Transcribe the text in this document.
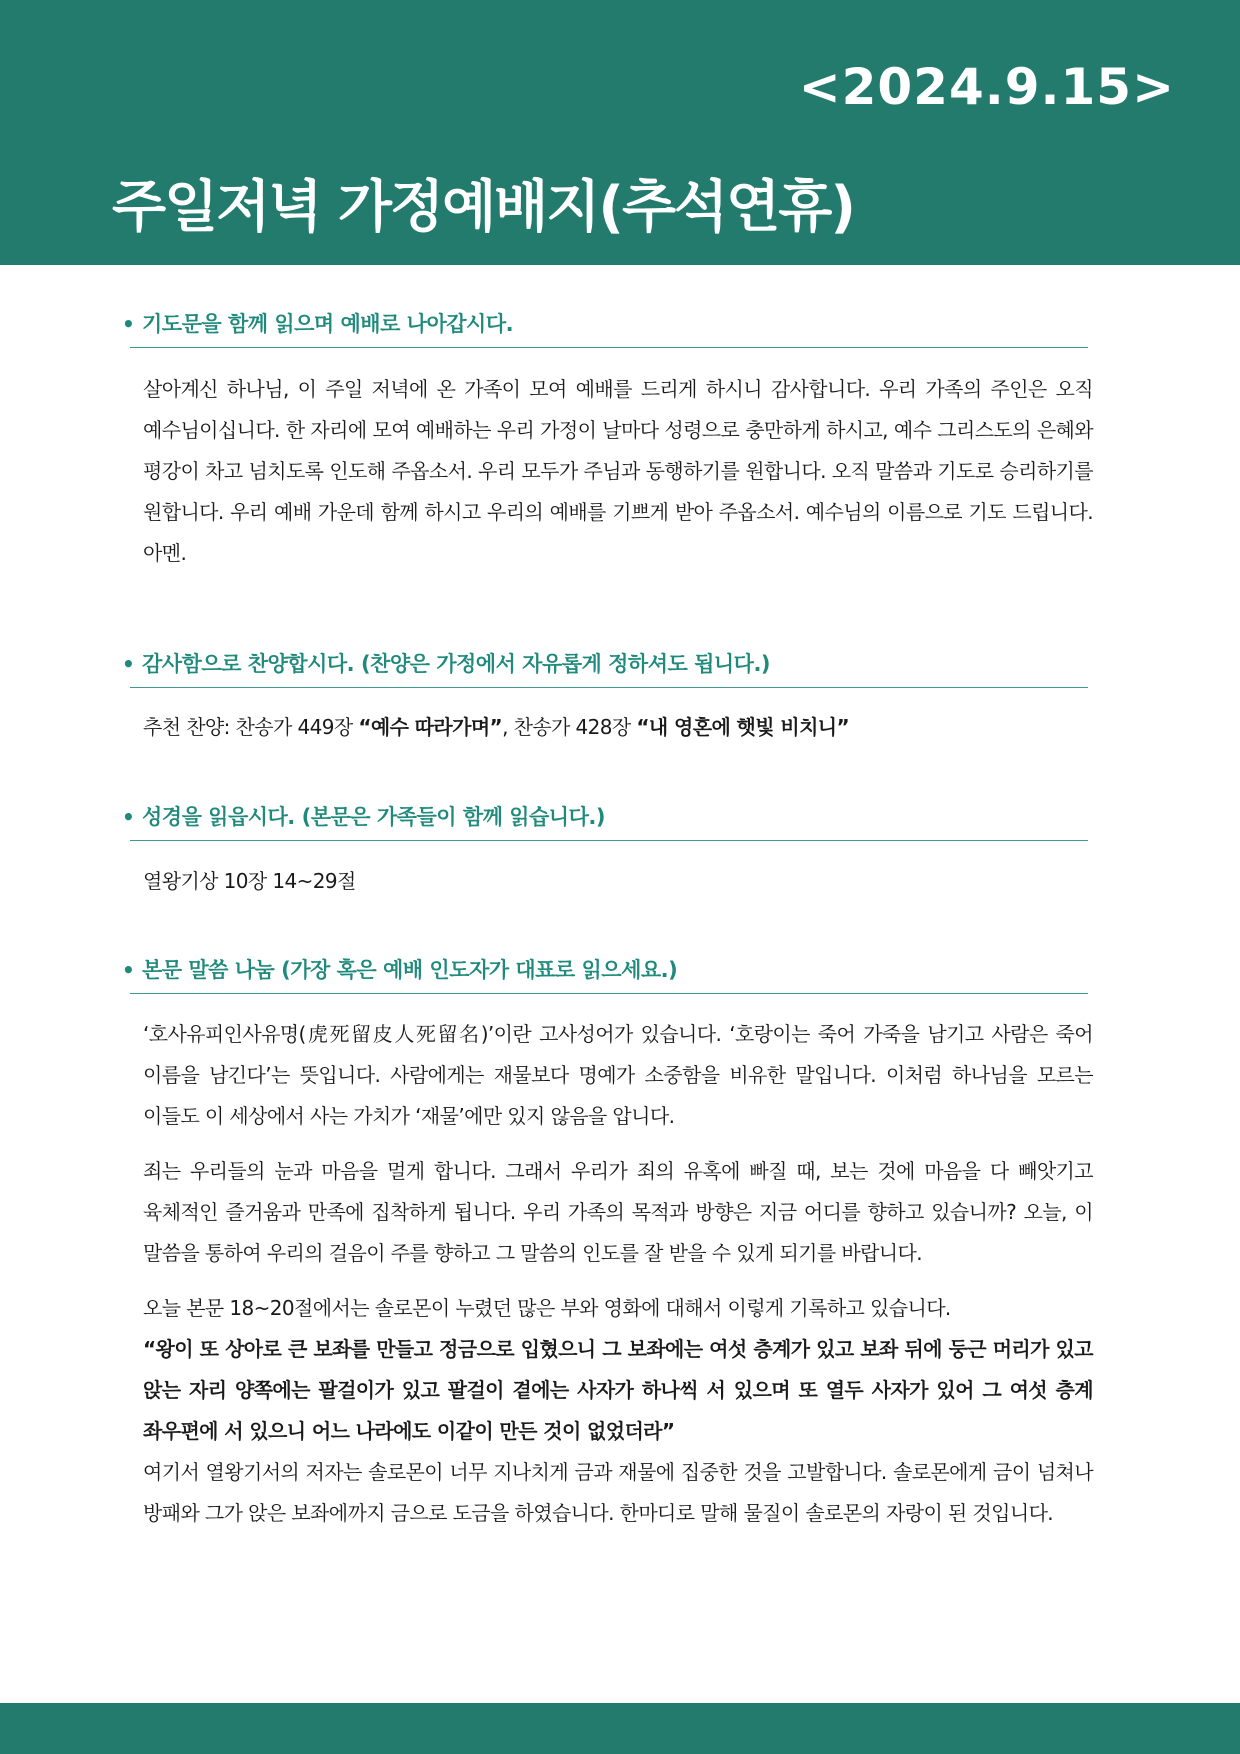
<2024.9.15>
주일저녁 가정예배지(추석연휴)
• 기도문을 함께 읽으며 예배로 나아갑시다.

살아계신 하나님, 이 주일 저녁에 온 가족이 모여 예배를 드리게 하시니 감사합니다. 우리 가족의 주인은 오직 예수님이십니다. 한 자리에 모여 예배하는 우리 가정이 날마다 성령으로 충만하게 하시고, 예수 그리스도의 은혜와 평강이 차고 넘치도록 인도해 주옵소서. 우리 모두가 주님과 동행하기를 원합니다. 오직 말씀과 기도로 승리하기를 원합니다. 우리 예배 가운데 함께 하시고 우리의 예배를 기쁘게 받아 주옵소서. 예수님의 이름으로 기도 드립니다. 아멘.

• 감사함으로 찬양합시다. (찬양은 가정에서 자유롭게 정하셔도 됩니다.)

추천 찬양: 찬송가 449장 “예수 따라가며”, 찬송가 428장 “내 영혼에 햇빛 비치니”

• 성경을 읽읍시다. (본문은 가족들이 함께 읽습니다.)

열왕기상 10장 14~29절

• 본문 말씀 나눔 (가장 혹은 예배 인도자가 대표로 읽으세요.)

‘호사유피인사유명(虎死留皮人死留名)’이란 고사성어가 있습니다. ‘호랑이는 죽어 가죽을 남기고 사람은 죽어 이름을 남긴다’는 뜻입니다. 사람에게는 재물보다 명예가 소중함을 비유한 말입니다. 이처럼 하나님을 모르는 이들도 이 세상에서 사는 가치가 ‘재물’에만 있지 않음을 압니다.

죄는 우리들의 눈과 마음을 멀게 합니다. 그래서 우리가 죄의 유혹에 빠질 때, 보는 것에 마음을 다 빼앗기고 육체적인 즐거움과 만족에 집착하게 됩니다. 우리 가족의 목적과 방향은 지금 어디를 향하고 있습니까? 오늘, 이 말씀을 통하여 우리의 걸음이 주를 향하고 그 말씀의 인도를 잘 받을 수 있게 되기를 바랍니다.

오늘 본문 18~20절에서는 솔로몬이 누렸던 많은 부와 영화에 대해서 이렇게 기록하고 있습니다.

“왕이 또 상아로 큰 보좌를 만들고 정금으로 입혔으니 그 보좌에는 여섯 층계가 있고 보좌 뒤에 둥근 머리가 있고 앉는 자리 양쪽에는 팔걸이가 있고 팔걸이 곁에는 사자가 하나씩 서 있으며 또 열두 사자가 있어 그 여섯 층계 좌우편에 서 있으니 어느 나라에도 이같이 만든 것이 없었더라”

여기서 열왕기서의 저자는 솔로몬이 너무 지나치게 금과 재물에 집중한 것을 고발합니다. 솔로몬에게 금이 넘쳐나 방패와 그가 앉은 보좌에까지 금으로 도금을 하였습니다. 한마디로 말해 물질이 솔로몬의 자랑이 된 것입니다.
